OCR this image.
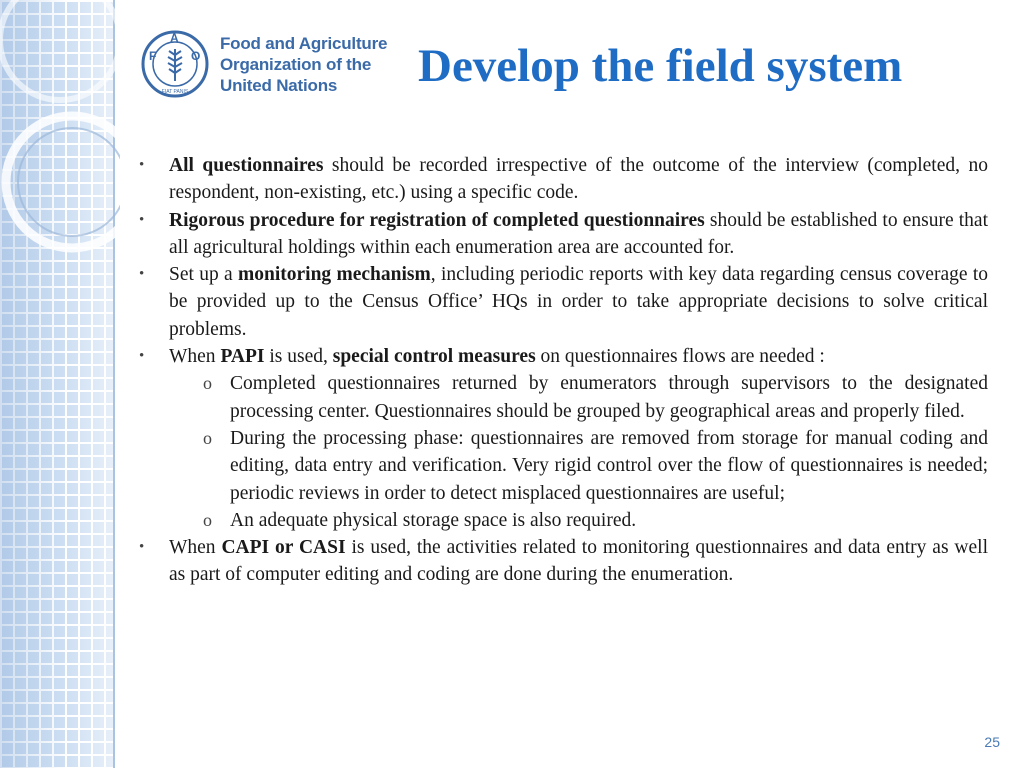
F
A
O
FIAT PANIS
Food and Agriculture
Organization of the
United Nations	Develop the field system
• All questionnaires should be recorded irrespective of the outcome of the interview (completed, no respondent, non-existing, etc.) using a specific code.
• Rigorous procedure for registration of completed questionnaires should be established to ensure that all agricultural holdings within each enumeration area are accounted for.
• Set up a monitoring mechanism, including periodic reports with key data regarding census coverage to be provided up to the Census Office’ HQs in order to take appropriate decisions to solve critical problems.
• When PAPI is used, special control measures on questionnaires flows are needed :
o Completed questionnaires returned by enumerators through supervisors to the designated processing center. Questionnaires should be grouped by geographical areas and properly filed.
o During the processing phase: questionnaires are removed from storage for manual coding and editing, data entry and verification. Very rigid control over the flow of questionnaires is needed; periodic reviews in order to detect misplaced questionnaires are useful;
o An adequate physical storage space is also required.
• When CAPI or CASI is used, the activities related to monitoring questionnaires and data entry as well as part of computer editing and coding are done during the enumeration.
25
